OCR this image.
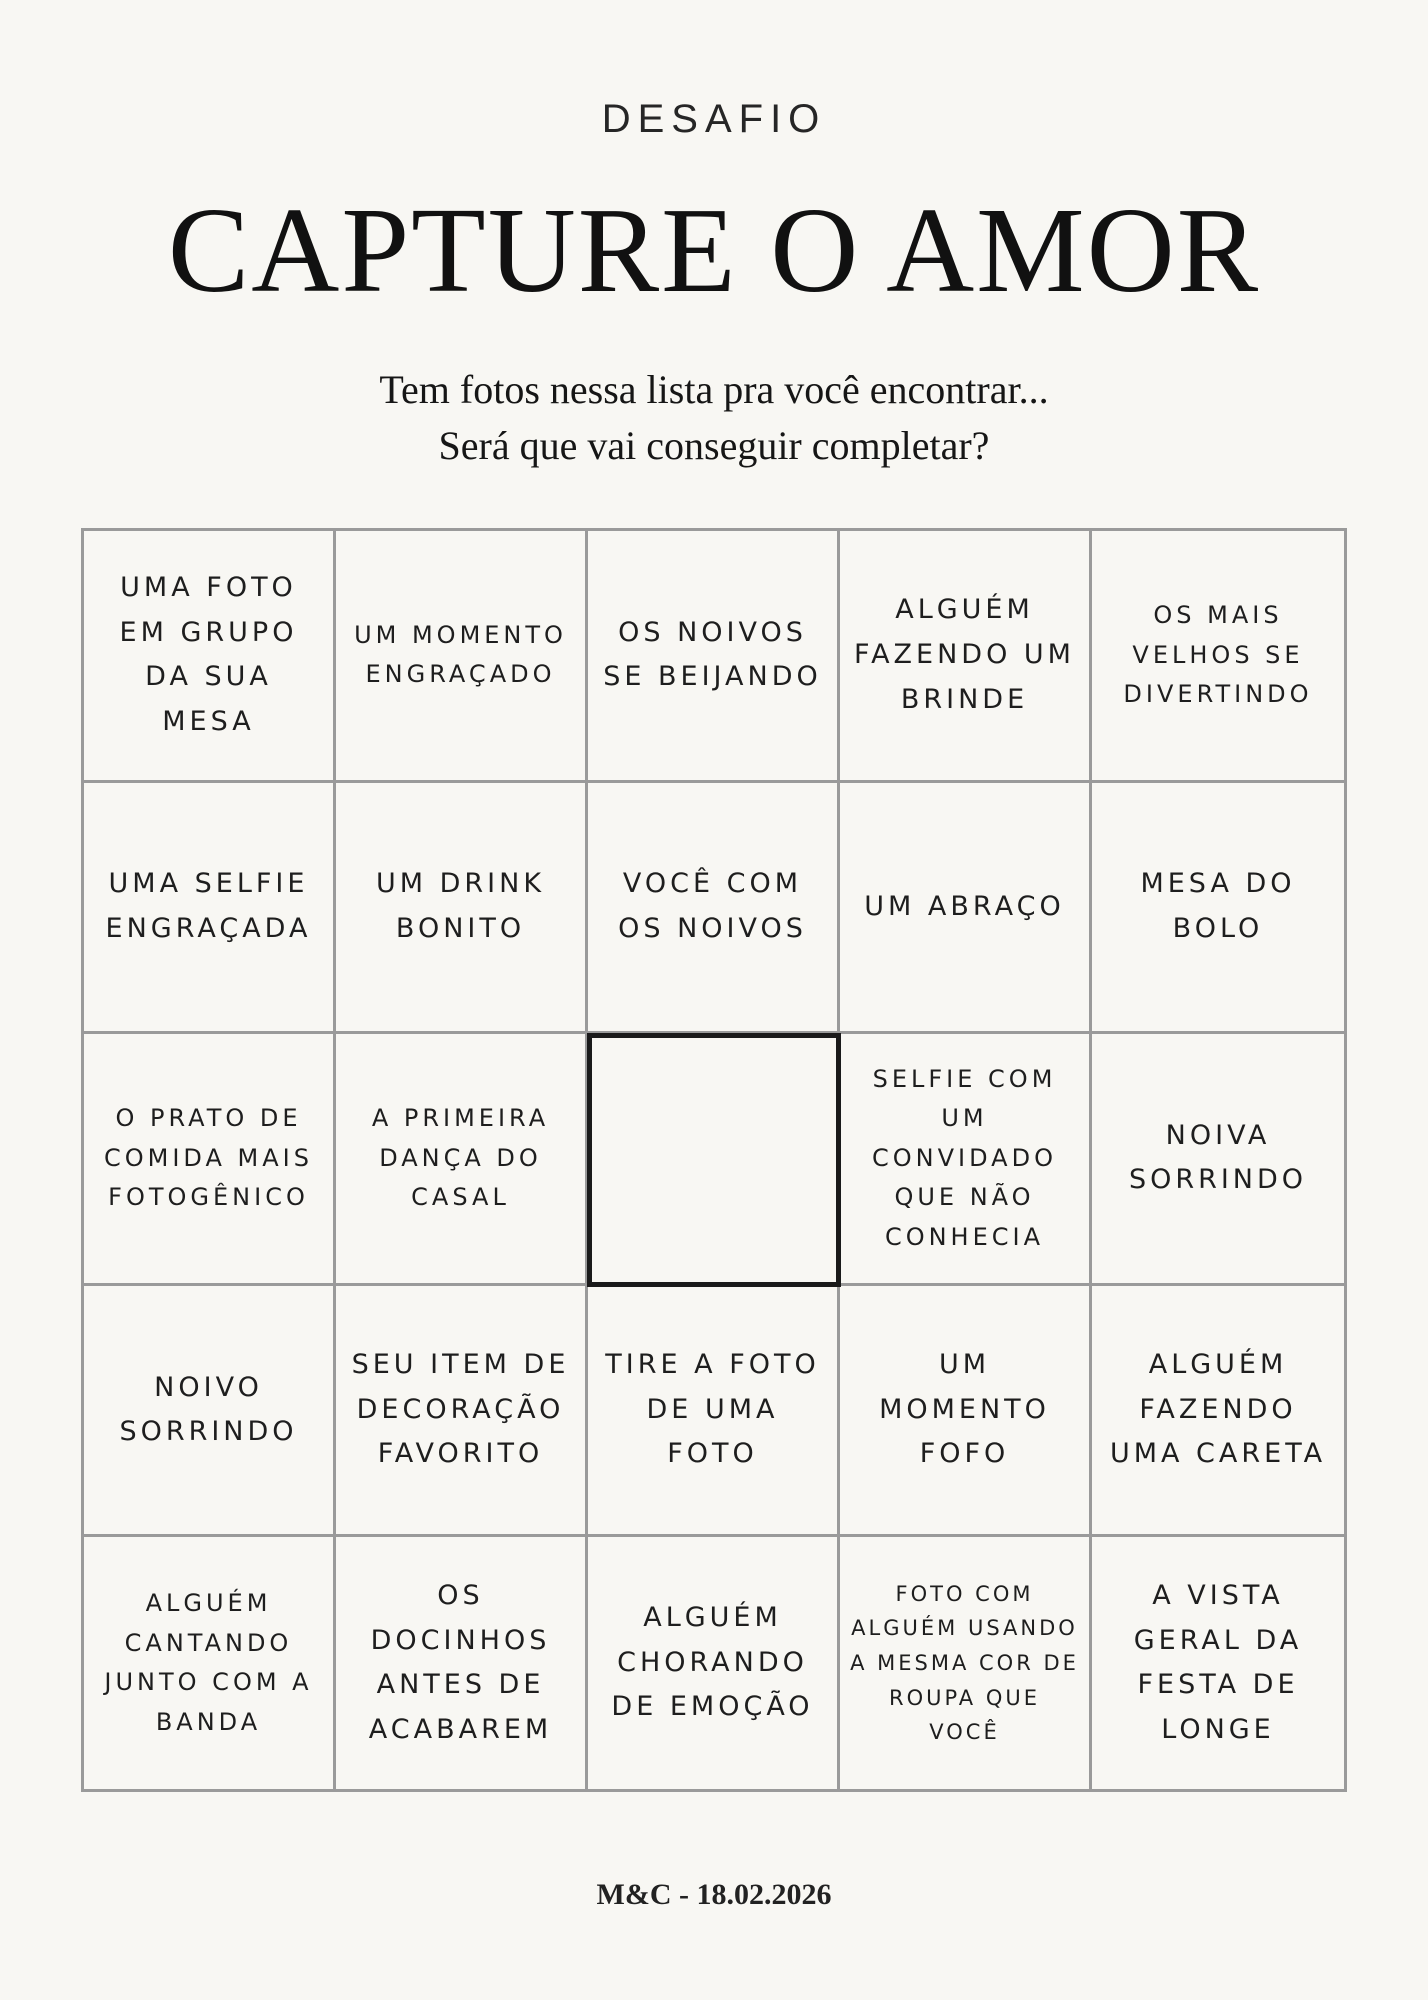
DESAFIO
CAPTURE O AMOR
Tem fotos nessa lista pra você encontrar...
Será que vai conseguir completar?
UMA FOTO EM GRUPO DA SUA MESA
UM MOMENTO ENGRAÇADO
OS NOIVOS SE BEIJANDO
ALGUÉM FAZENDO UM BRINDE
OS MAIS VELHOS SE DIVERTINDO
UMA SELFIE ENGRAÇADA
UM DRINK BONITO
VOCÊ COM OS NOIVOS
UM ABRAÇO
MESA DO BOLO
O PRATO DE COMIDA MAIS FOTOGÊNICO
A PRIMEIRA DANÇA DO CASAL
SELFIE COM UM CONVIDADO QUE NÃO CONHECIA
NOIVA SORRINDO
NOIVO SORRINDO
SEU ITEM DE DECORAÇÃO FAVORITO
TIRE A FOTO DE UMA FOTO
UM MOMENTO FOFO
ALGUÉM FAZENDO UMA CARETA
ALGUÉM CANTANDO JUNTO COM A BANDA
OS DOCINHOS ANTES DE ACABAREM
ALGUÉM CHORANDO DE EMOÇÃO
FOTO COM ALGUÉM USANDO A MESMA COR DE ROUPA QUE VOCÊ
A VISTA GERAL DA FESTA DE LONGE
M&C - 18.02.2026
